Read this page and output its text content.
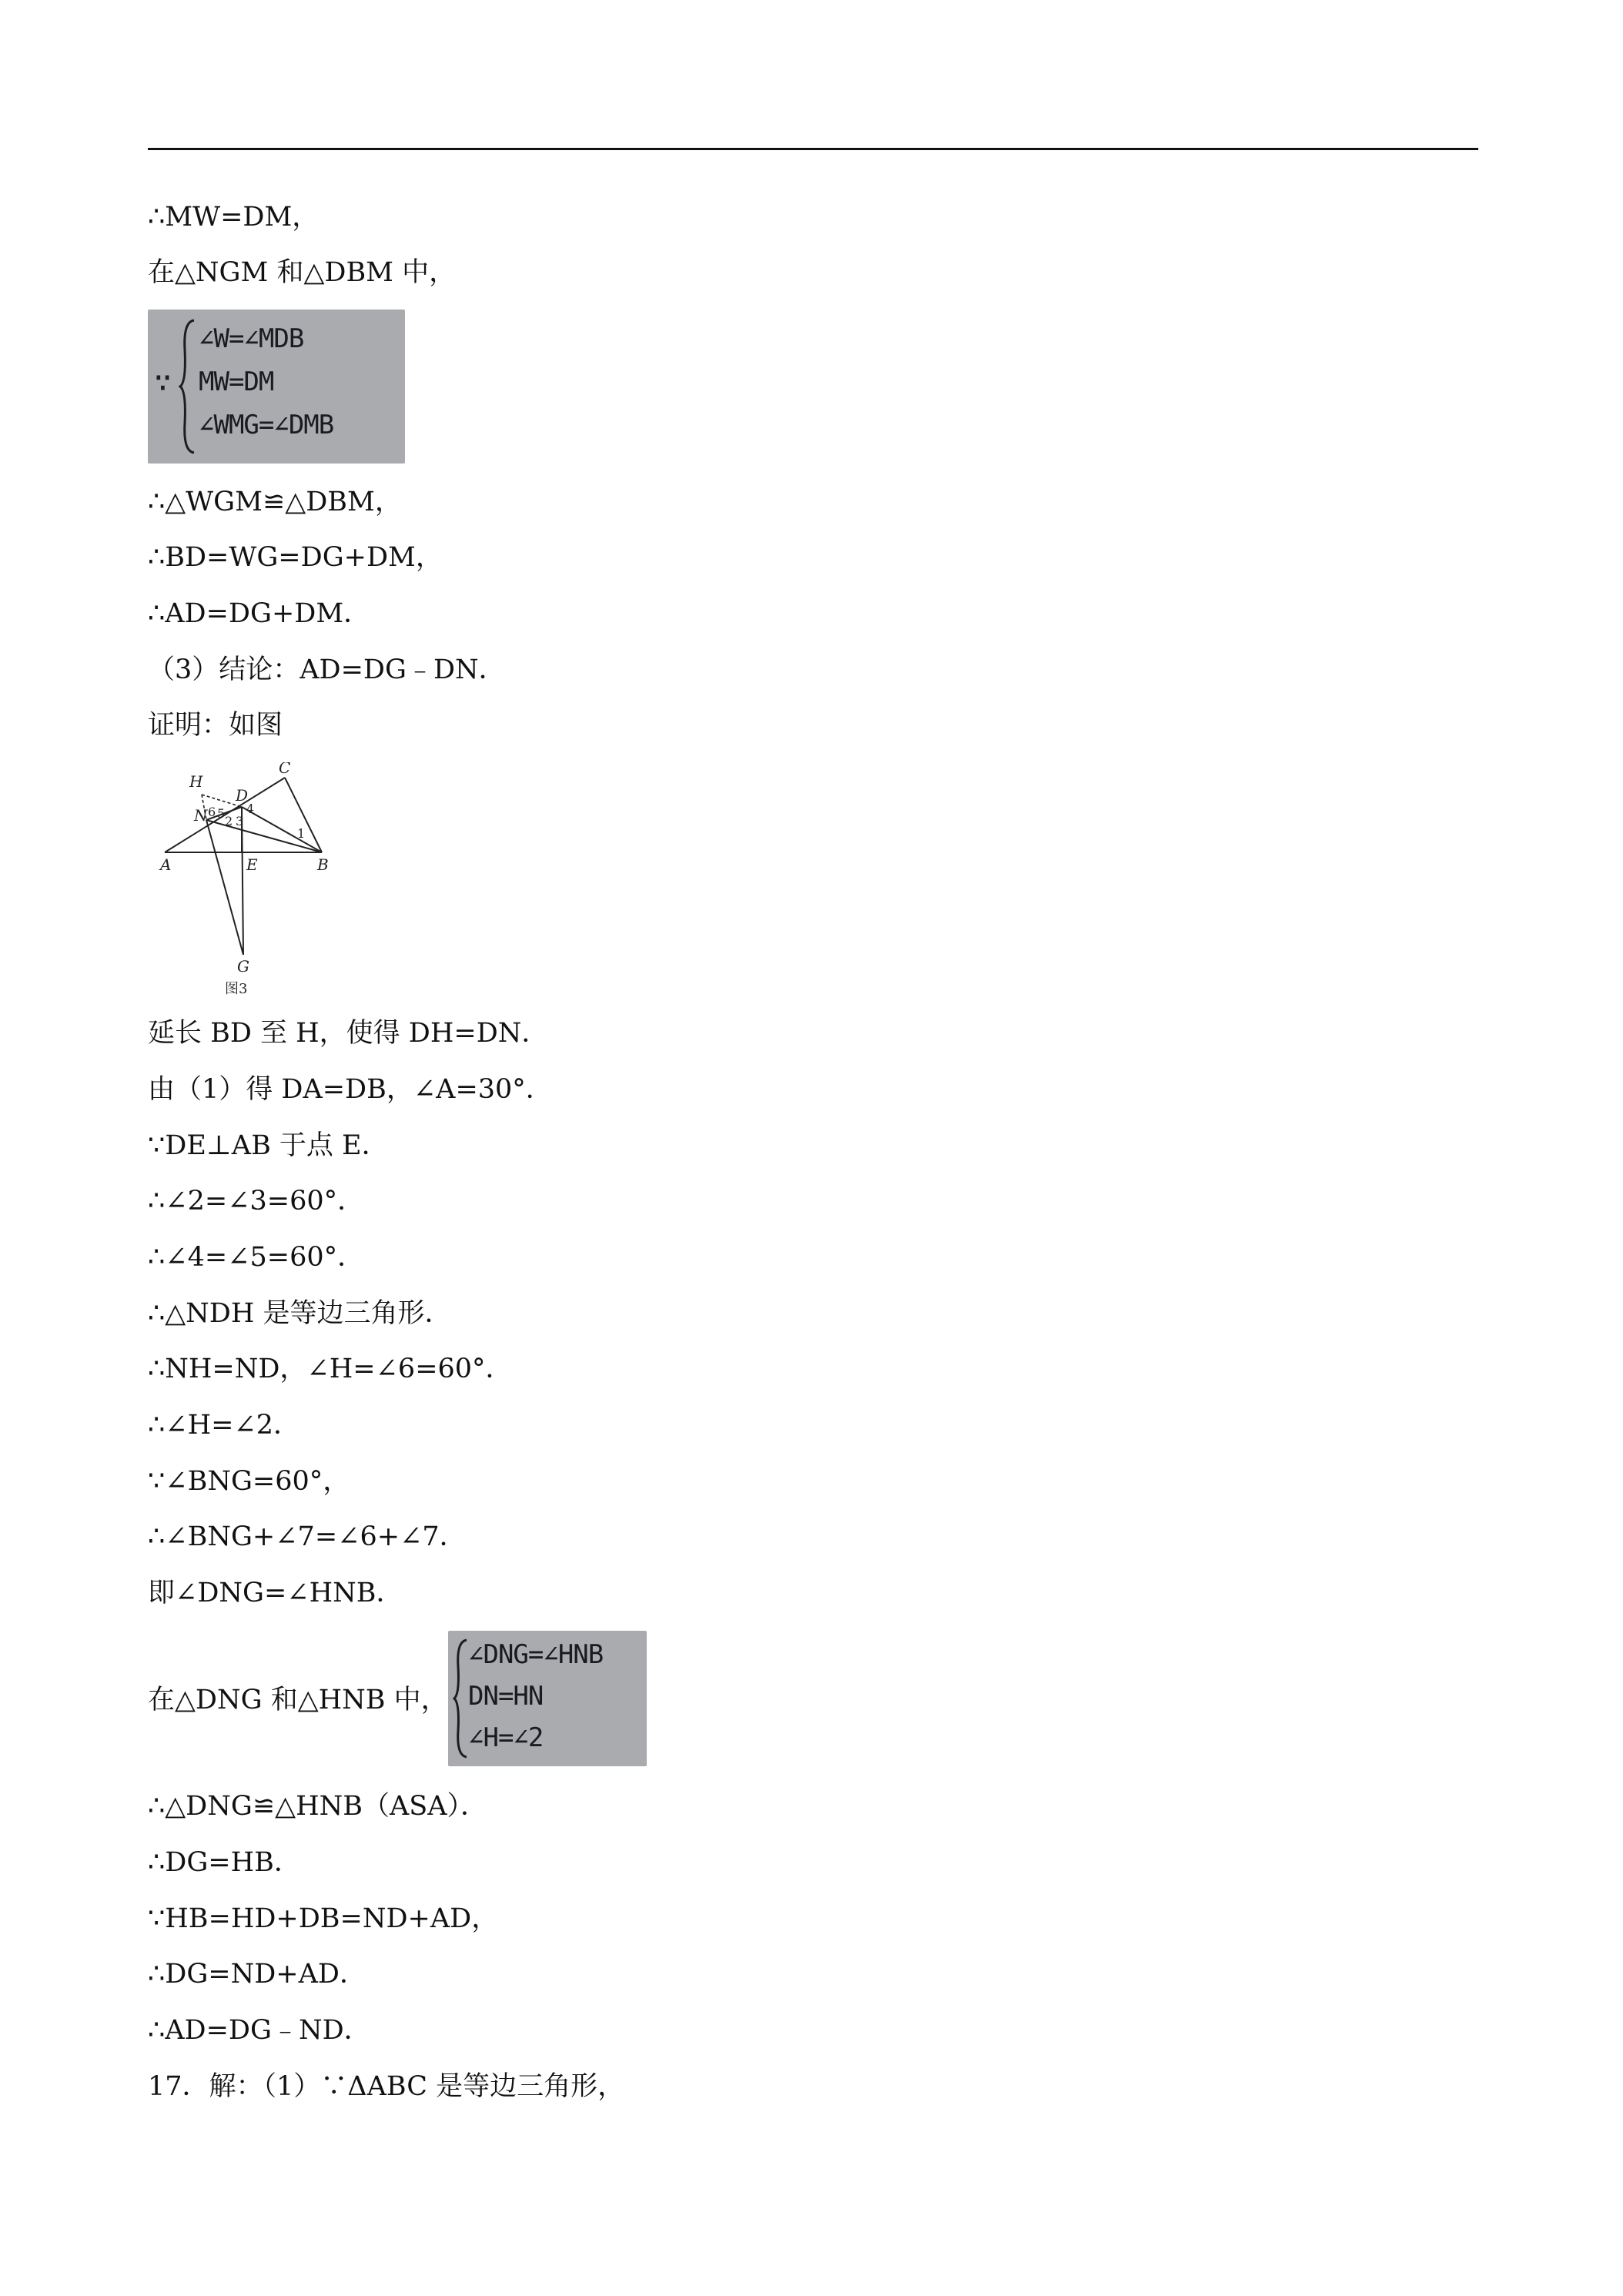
∴MW=DM，
在△NGM 和△DBM 中，
∵
∠W=∠MDB
MW=DM
∠WMG=∠DMB
∴△WGM≌△DBM，
∴BD=WG=DG+DM，
∴AD=DG+DM．
（3）结论：AD=DG﹣DN．
证明：如图
H
C
D
N
A	E	B
G
6 5
2 3
4
1
图3
延长 BD 至 H，使得 DH=DN．
由（1）得 DA=DB，∠A=30°．
∵DE⊥AB 于点 E．
∴∠2=∠3=60°．
∴∠4=∠5=60°．
∴△NDH 是等边三角形．
∴NH=ND，∠H=∠6=60°．
∴∠H=∠2．
∵∠BNG=60°，
∴∠BNG+∠7=∠6+∠7．
即∠DNG=∠HNB．
在△DNG 和△HNB 中，
∠DNG=∠HNB
DN=HN
∠H=∠2
∴△DNG≌△HNB（ASA）．
∴DG=HB．
∵HB=HD+DB=ND+AD，
∴DG=ND+AD．
∴AD=DG﹣ND．
17．解：（1）∵ΔABC 是等边三角形，
